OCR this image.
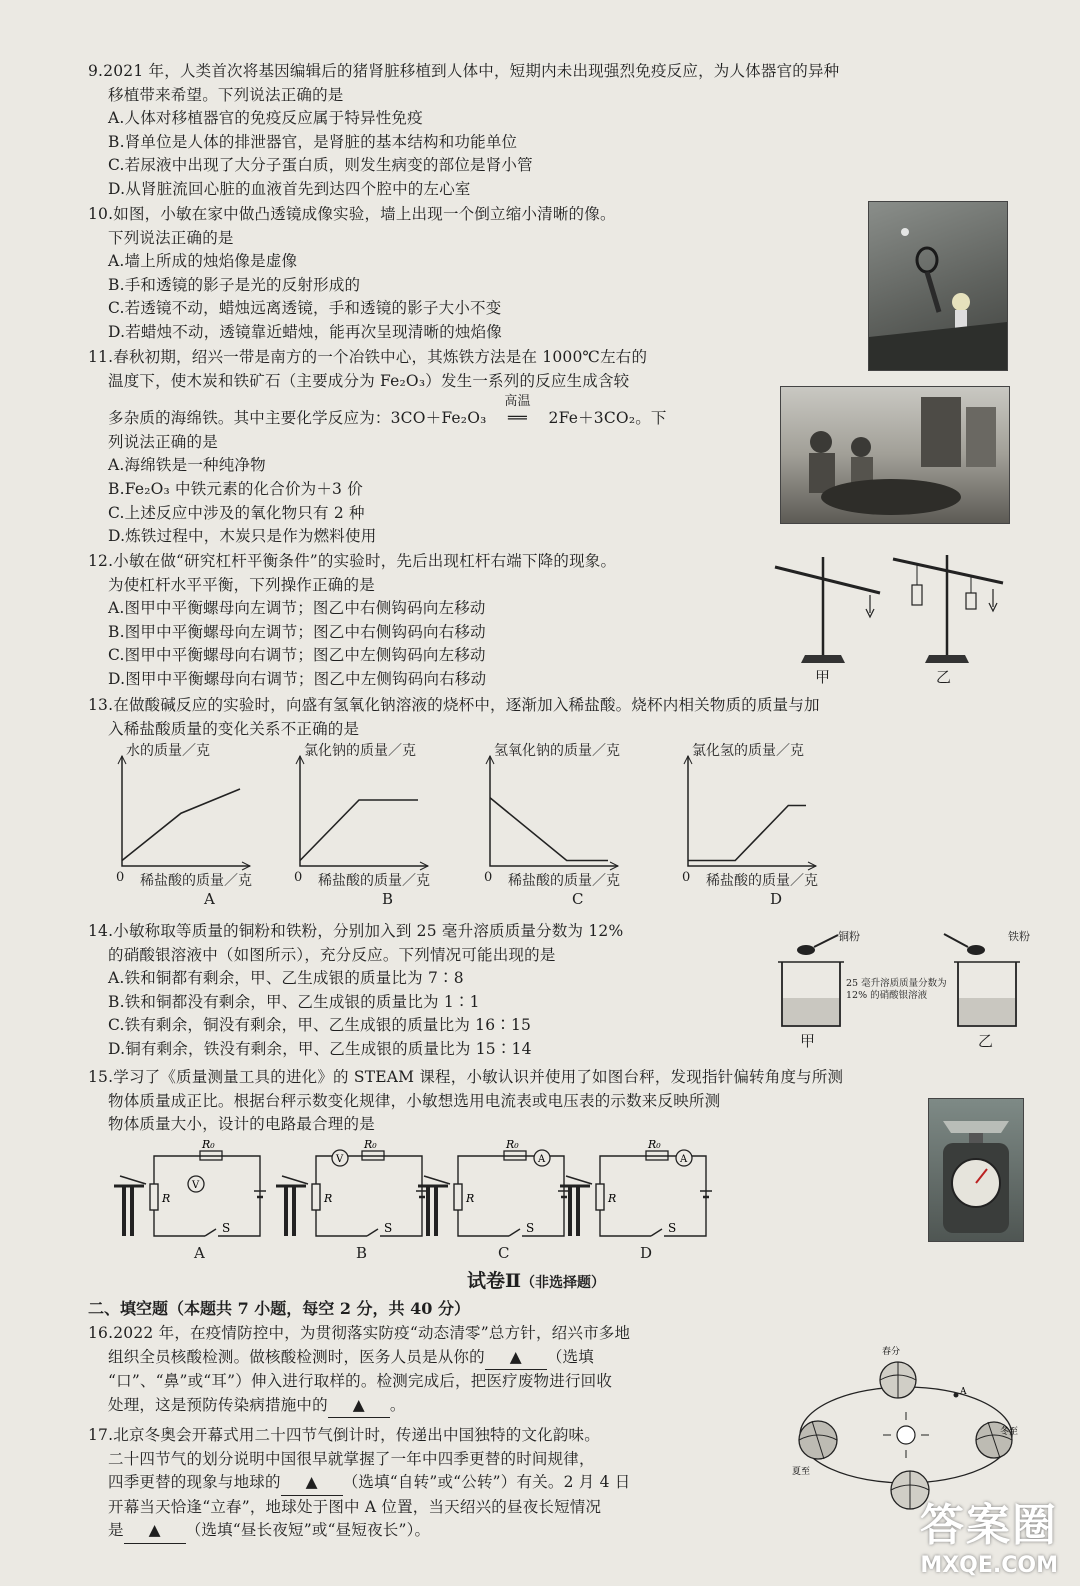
9.2021 年，人类首次将基因编辑后的猪肾脏移植到人体中，短期内未出现强烈免疫反应，为人体器官的异种

移植带来希望。下列说法正确的是

A.人体对移植器官的免疫反应属于特异性免疫

B.肾单位是人体的排泄器官，是肾脏的基本结构和功能单位

C.若尿液中出现了大分子蛋白质，则发生病变的部位是肾小管

D.从肾脏流回心脏的血液首先到达四个腔中的左心室

10.如图，小敏在家中做凸透镜成像实验，墙上出现一个倒立缩小清晰的像。

下列说法正确的是

A.墙上所成的烛焰像是虚像

B.手和透镜的影子是光的反射形成的

C.若透镜不动，蜡烛远离透镜，手和透镜的影子大小不变

D.若蜡烛不动，透镜靠近蜡烛，能再次呈现清晰的烛焰像

11.春秋初期，绍兴一带是南方的一个冶铁中心，其炼铁方法是在 1000℃左右的

温度下，使木炭和铁矿石（主要成分为 Fe₂O₃）发生一系列的反应生成含较

多杂质的海绵铁。其中主要化学反应为：3CO＋Fe₂O₃
高温
══ 2Fe＋3CO₂。下

列说法正确的是

A.海绵铁是一种纯净物

B.Fe₂O₃ 中铁元素的化合价为＋3 价

C.上述反应中涉及的氧化物只有 2 种

D.炼铁过程中，木炭只是作为燃料使用

12.小敏在做“研究杠杆平衡条件”的实验时，先后出现杠杆右端下降的现象。

为使杠杆水平平衡，下列操作正确的是

A.图甲中平衡螺母向左调节；图乙中右侧钩码向左移动

B.图甲中平衡螺母向左调节；图乙中右侧钩码向右移动

C.图甲中平衡螺母向右调节；图乙中左侧钩码向左移动

D.图甲中平衡螺母向右调节；图乙中左侧钩码向右移动	甲	乙

13.在做酸碱反应的实验时，向盛有氢氧化钠溶液的烧杯中，逐渐加入稀盐酸。烧杯内相关物质的质量与加

入稀盐酸质量的变化关系不正确的是

水的质量／克
0 稀盐酸的质量／克
A
氯化钠的质量／克
0 稀盐酸的质量／克
B
氢氧化钠的质量／克
0 稀盐酸的质量／克
C
氯化氢的质量／克
0 稀盐酸的质量／克
D

14.小敏称取等质量的铜粉和铁粉，分别加入到 25 毫升溶质质量分数为 12%

的硝酸银溶液中（如图所示），充分反应。下列情况可能出现的是

A.铁和铜都有剩余，甲、乙生成银的质量比为 7∶8

B.铁和铜都没有剩余，甲、乙生成银的质量比为 1∶1

C.铁有剩余，铜没有剩余，甲、乙生成银的质量比为 16∶15

D.铜有剩余，铁没有剩余，甲、乙生成银的质量比为 15∶14

铜粉	铁粉
25 毫升溶质质量分数为 12% 的硝酸银溶液
甲	乙

15.学习了《质量测量工具的进化》的 STEAM 课程，小敏认识并使用了如图台秤，发现指针偏转角度与所测

物体质量成正比。根据台秤示数变化规律，小敏想选用电流表或电压表的示数来反映所测

物体质量大小，设计的电路最合理的是

V
R₀
R
S
A
V
R₀
R
S
B
A
R₀
R
S
C
A
R₀
R
S
D
试卷Ⅱ（非选择题）
二、填空题（本题共 7 小题，每空 2 分，共 40 分）

16.2022 年，在疫情防控中，为贯彻落实防疫“动态清零”总方针，绍兴市多地

组织全员核酸检测。做核酸检测时，医务人员是从你的 ▲ （选填

“口”、“鼻”或“耳”）伸入进行取样的。检测完成后，把医疗废物进行回收

处理，这是预防传染病措施中的 ▲ 。

17.北京冬奥会开幕式用二十四节气倒计时，传递出中国独特的文化韵味。

二十四节气的划分说明中国很早就掌握了一年中四季更替的时间规律，

四季更替的现象与地球的 ▲ （选填“自转”或“公转”）有关。2 月 4 日

开幕当天恰逢“立春”，地球处于图中 A 位置，当天绍兴的昼夜长短情况

是 ▲ （选填“昼长夜短”或“昼短夜长”）。

A
春分
夏至
冬至
答案圈
MXQE.COM
